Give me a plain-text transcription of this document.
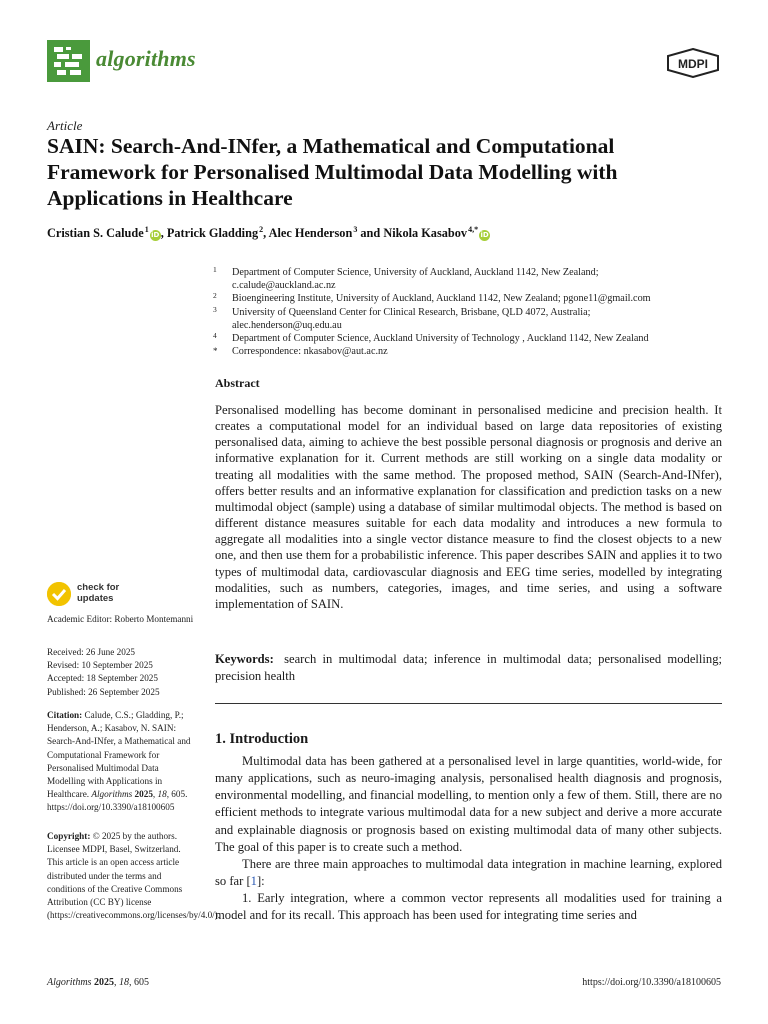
algorithms	MDPI
Article
SAIN: Search-And-INfer, a Mathematical and Computational
Framework for Personalised Multimodal Data Modelling with
Applications in Healthcare
Cristian S. Calude $^1$iD, Patrick Gladding $^2$, Alec Henderson $^3$ and Nikola Kasabov $^{4,*}$iD
1 Department of Computer Science, University of Auckland, Auckland 1142, New Zealand;
c.calude@auckland.ac.nz
2 Bioengineering Institute, University of Auckland, Auckland 1142, New Zealand; pgone11@gmail.com
3 University of Queensland Center for Clinical Research, Brisbane, QLD 4072, Australia;
alec.henderson@uq.edu.au
4 Department of Computer Science, Auckland University of Technology , Auckland 1142, New Zealand
* Correspondence: nkasabov@aut.ac.nz
Abstract
Personalised modelling has become dominant in personalised medicine and precision health. It creates a computational model for an individual based on large data repositories of existing personalised data, aiming to achieve the best possible personal diagnosis or prognosis and derive an informative explanation for it. Current methods are still working on a single data modality or treating all modalities with the same method. The proposed method, SAIN (Search-And-INfer), offers better results and an informative explanation for classification and prediction tasks on a new multimodal object (sample) using a database of similar multimodal objects. The method is based on different distance measures suitable for each data modality and introduces a new formula to aggregate all modalities into a single vector distance measure to find the closest objects to a new one, and then use them for a probabilistic inference. This paper describes SAIN and applies it to two types of multimodal data, cardiovascular diagnosis and EEG time series, modelled by integrating modalities, such as numbers, categories, images, and time series, and using a software implementation of SAIN.
Keywords: search in multimodal data; inference in multimodal data; personalised modelling; precision health
1. Introduction

Multimodal data has been gathered at a personalised level in large quantities, world-wide, for many applications, such as neuro-imaging analysis, personalised health diagnosis and prognosis, environmental modelling, and financial modelling, to mention only a few of them. Still, there are no efficient methods to integrate various multimodal data for a new subject and derive a more accurate and explainable diagnosis or prognosis based on existing multimodal data of many other subjects. The goal of this paper is to create such a method.

There are three main approaches to multimodal data integration in machine learning, explored so far [1]:

1. Early integration, where a common vector represents all modalities used for training a model and for its recall. This approach has been used for integrating time series and

check for
updates
Academic Editor: Roberto Montemanni
Received: 26 June 2025
Revised: 10 September 2025
Accepted: 18 September 2025
Published: 26 September 2025
Citation: Calude, C.S.; Gladding, P.; Henderson, A.; Kasabov, N. SAIN: Search-And-INfer, a Mathematical and Computational Framework for Personalised Multimodal Data Modelling with Applications in Healthcare. Algorithms 2025, 18, 605. https://doi.org/10.3390/a18100605
Copyright: © 2025 by the authors. Licensee MDPI, Basel, Switzerland. This article is an open access article distributed under the terms and conditions of the Creative Commons Attribution (CC BY) license (https://creativecommons.org/licenses/by/4.0/).
Algorithms 2025, 18, 605	https://doi.org/10.3390/a18100605
